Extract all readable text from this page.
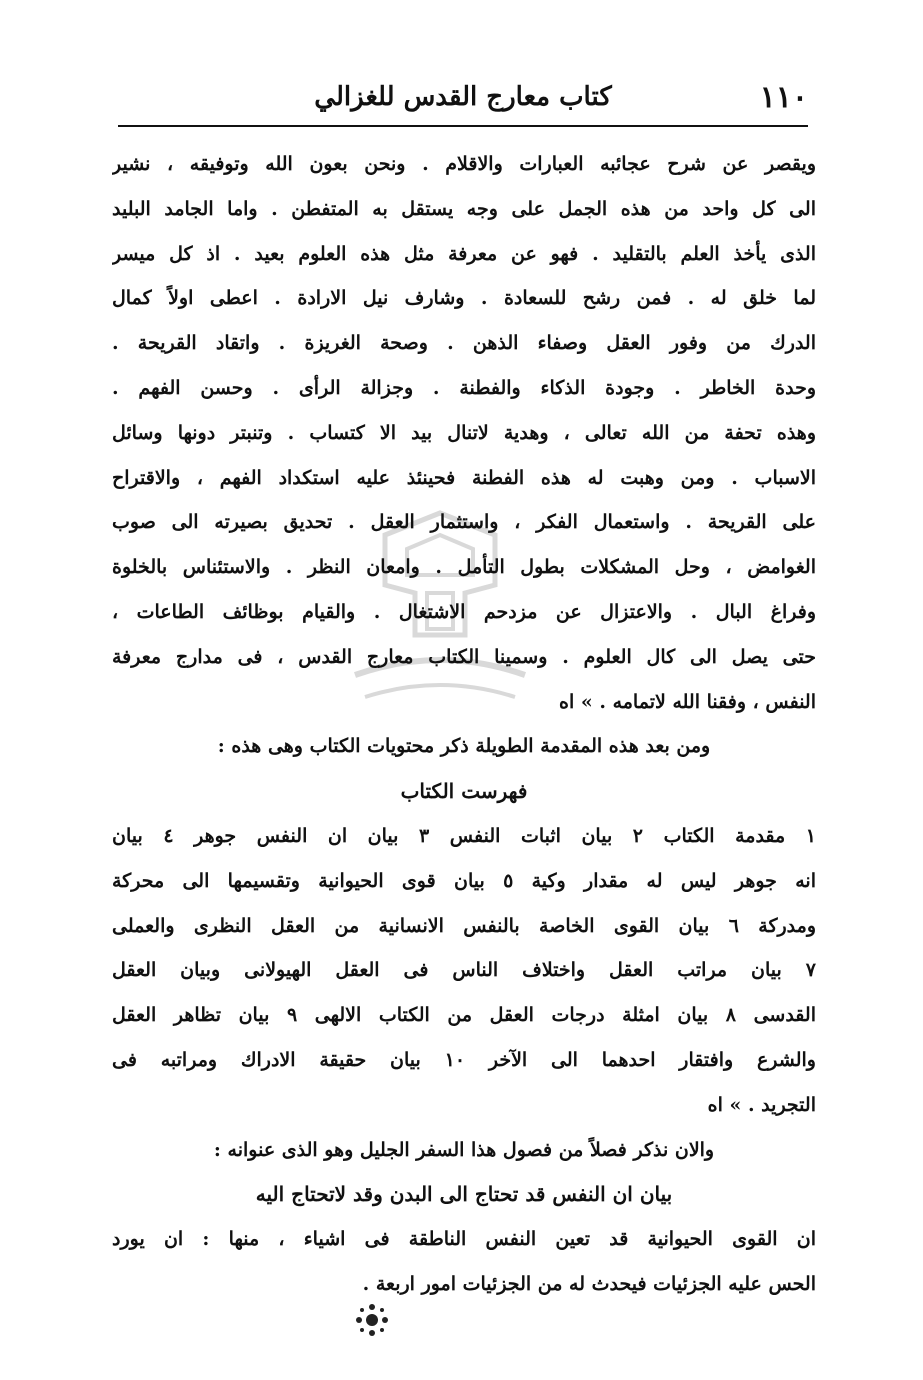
١١٠
كتاب معارج القدس للغزالي
ويقصر عن شرح عجائبه العبارات والاقلام . ونحن بعون الله وتوفيقه ، نشير
الى كل واحد من هذه الجمل على وجه يستقل به المتفطن . واما الجامد البليد
الذى يأخذ العلم بالتقليد . فهو عن معرفة مثل هذه العلوم بعيد . اذ كل ميسر
لما خلق له . فمن رشح للسعادة . وشارف نيل الارادة . اعطى اولاً كمال
الدرك من وفور العقل وصفاء الذهن . وصحة الغريزة . واتقاد القريحة .
وحدة الخاطر . وجودة الذكاء والفطنة . وجزالة الرأى . وحسن الفهم .
وهذه تحفة من الله تعالى ، وهدية لاتنال بيد الا كتساب . وتنبتر دونها وسائل
الاسباب . ومن وهبت له هذه الفطنة فحينئذ عليه استكداد الفهم ، والاقتراح
على القريحة . واستعمال الفكر ، واستثمار العقل . تحديق بصيرته الى صوب
الغوامض ، وحل المشكلات بطول التأمل . وامعان النظر . والاستئناس بالخلوة
وفراغ البال . والاعتزال عن مزدحم الاشتغال . والقيام بوظائف الطاعات ،
حتى يصل الى كال العلوم . وسمينا الكتاب معارج القدس ، فى مدارج معرفة
النفس ، وفقنا الله لاتمامه . » اه
ومن بعد هذه المقدمة الطويلة ذكر محتويات الكتاب وهى هذه :
فهرست الكتاب
١ مقدمة الكتاب ٢ بيان اثبات النفس ٣ بيان ان النفس جوهر ٤ بيان
انه جوهر ليس له مقدار وكية ٥ بيان قوى الحيوانية وتقسيمها الى محركة
ومدركة ٦ بيان القوى الخاصة بالنفس الانسانية من العقل النظرى والعملى
٧ بيان مراتب العقل واختلاف الناس فى العقل الهيولانى وبيان العقل
القدسى ٨ بيان امثلة درجات العقل من الكتاب الالهى ٩ بيان تظاهر العقل
والشرع وافتقار احدهما الى الآخر ١٠ بيان حقيقة الادراك ومراتبه فى
التجريد . » اه
والان نذكر فصلاً من فصول هذا السفر الجليل وهو الذى عنوانه :
بيان ان النفس قد تحتاج الى البدن وقد لاتحتاج اليه
ان القوى الحيوانية قد تعين النفس الناطقة فى اشياء ، منها : ان يورد
الحس عليه الجزئيات فيحدث له من الجزئيات امور اربعة .
